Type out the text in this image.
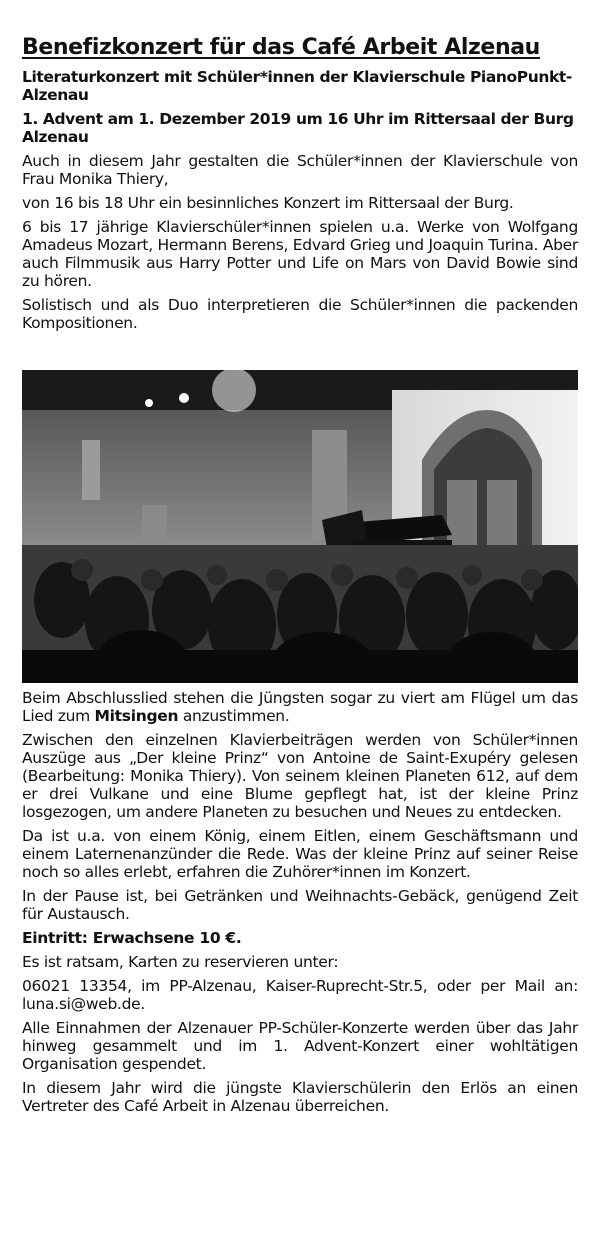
Benefizkonzert für das Café Arbeit Alzenau
Literaturkonzert mit Schüler*innen der Klavierschule PianoPunkt-Alzenau
1. Advent am 1. Dezember 2019 um 16 Uhr im Rittersaal der Burg Alzenau

Auch in diesem Jahr gestalten die Schüler*innen der Klavierschule von Frau Monika Thiery,

von 16 bis 18 Uhr ein besinnliches Konzert im Rittersaal der Burg.

6 bis 17 jährige Klavierschüler*innen spielen u.a. Werke von Wolfgang Amadeus Mozart, Hermann Berens, Edvard Grieg und Joaquin Turina. Aber auch Filmmusik aus Harry Potter und Life on Mars von David Bowie sind zu hören.

Solistisch und als Duo interpretieren die Schüler*innen die packenden Kompositionen.

Beim Abschlusslied stehen die Jüngsten sogar zu viert am Flügel um das Lied zum Mitsingen anzustimmen.

Zwischen den einzelnen Klavierbeiträgen werden von Schüler*innen Auszüge aus „Der kleine Prinz“ von Antoine de Saint-Exupéry gelesen (Bearbeitung: Monika Thiery). Von seinem kleinen Planeten 612, auf dem er drei Vulkane und eine Blume gepflegt hat, ist der kleine Prinz losgezogen, um andere Planeten zu besuchen und Neues zu entdecken.

Da ist u.a. von einem König, einem Eitlen, einem Geschäftsmann und einem Laternenanzünder die Rede. Was der kleine Prinz auf seiner Reise noch so alles erlebt, erfahren die Zuhörer*innen im Konzert.

In der Pause ist, bei Getränken und Weihnachts-Gebäck, genügend Zeit für Austausch.

Eintritt: Erwachsene 10 €.

Es ist ratsam, Karten zu reservieren unter:

06021 13354, im PP-Alzenau, Kaiser-Ruprecht-Str.5, oder per Mail an: luna.si@web.de.

Alle Einnahmen der Alzenauer PP-Schüler-Konzerte werden über das Jahr hinweg gesammelt und im 1. Advent-Konzert einer wohltätigen Organisation gespendet.

In diesem Jahr wird die jüngste Klavierschülerin den Erlös an einen Vertreter des Café Arbeit in Alzenau überreichen.
